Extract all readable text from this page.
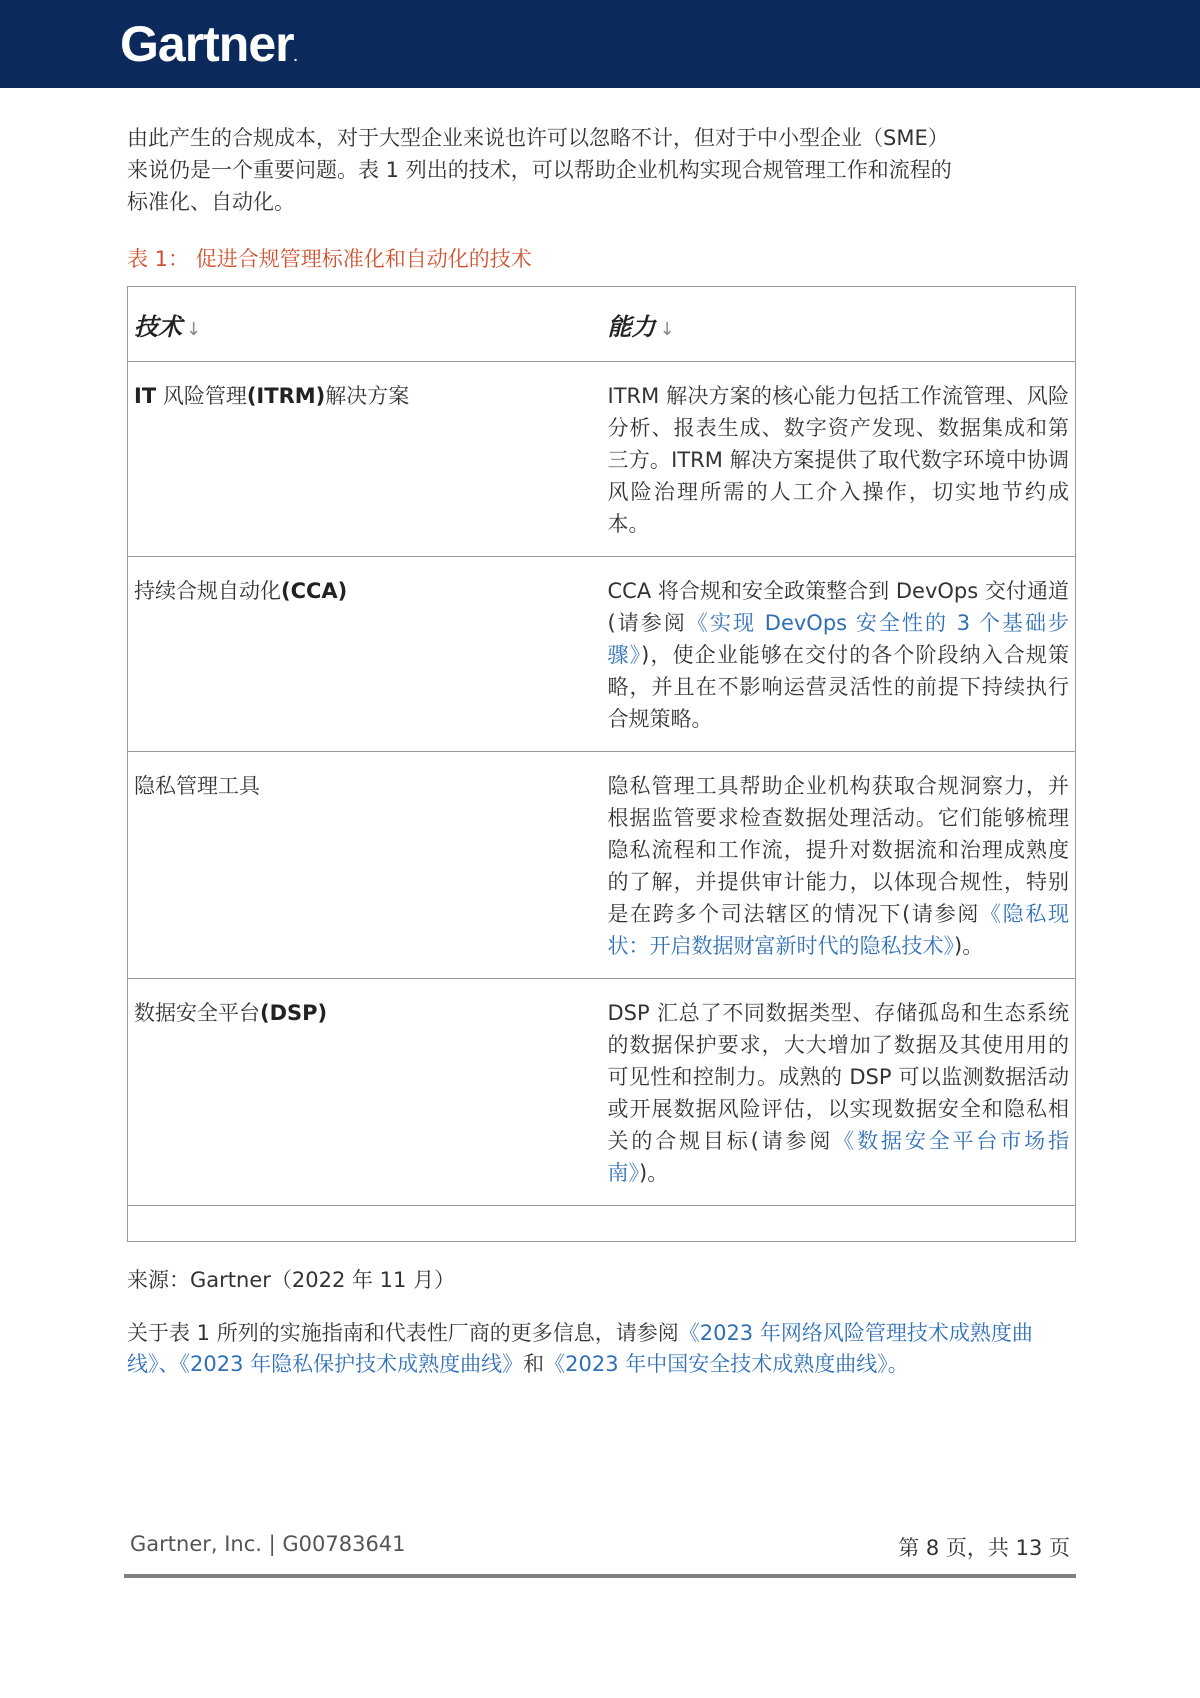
Gartner.

由此产生的合规成本，对于大型企业来说也许可以忽略不计，但对于中小型企业（SME）
来说仍是一个重要问题。表 1 列出的技术，可以帮助企业机构实现合规管理工作和流程的
标准化、自动化。

表 1： 促进合规管理标准化和自动化的技术
技术 ↓	能力 ↓
IT 风险管理(ITRM)解决方案	ITRM 解决方案的核心能力包括工作流管理、风险分析、报表生成、数字资产发现、数据集成和第三方。ITRM 解决方案提供了取代数字环境中协调风险治理所需的人工介入操作，切实地节约成本。
持续合规自动化(CCA)	CCA 将合规和安全政策整合到 DevOps 交付通道(请参阅《实现 DevOps 安全性的 3 个基础步骤》)，使企业能够在交付的各个阶段纳入合规策略，并且在不影响运营灵活性的前提下持续执行合规策略。
隐私管理工具	隐私管理工具帮助企业机构获取合规洞察力，并根据监管要求检查数据处理活动。它们能够梳理隐私流程和工作流，提升对数据流和治理成熟度的了解，并提供审计能力，以体现合规性，特别是在跨多个司法辖区的情况下(请参阅《隐私现状：开启数据财富新时代的隐私技术》)。
数据安全平台(DSP)	DSP 汇总了不同数据类型、存储孤岛和生态系统的数据保护要求，大大增加了数据及其使用用的可见性和控制力。成熟的 DSP 可以监测数据活动或开展数据风险评估，以实现数据安全和隐私相关的合规目标(请参阅《数据安全平台市场指南》)。

来源：Gartner（2022 年 11 月）

关于表 1 所列的实施指南和代表性厂商的更多信息，请参阅《2023 年网络风险管理技术成熟度曲线》、《2023 年隐私保护技术成熟度曲线》和《2023 年中国安全技术成熟度曲线》。

Gartner, Inc. | G00783641	第 8 页，共 13 页
